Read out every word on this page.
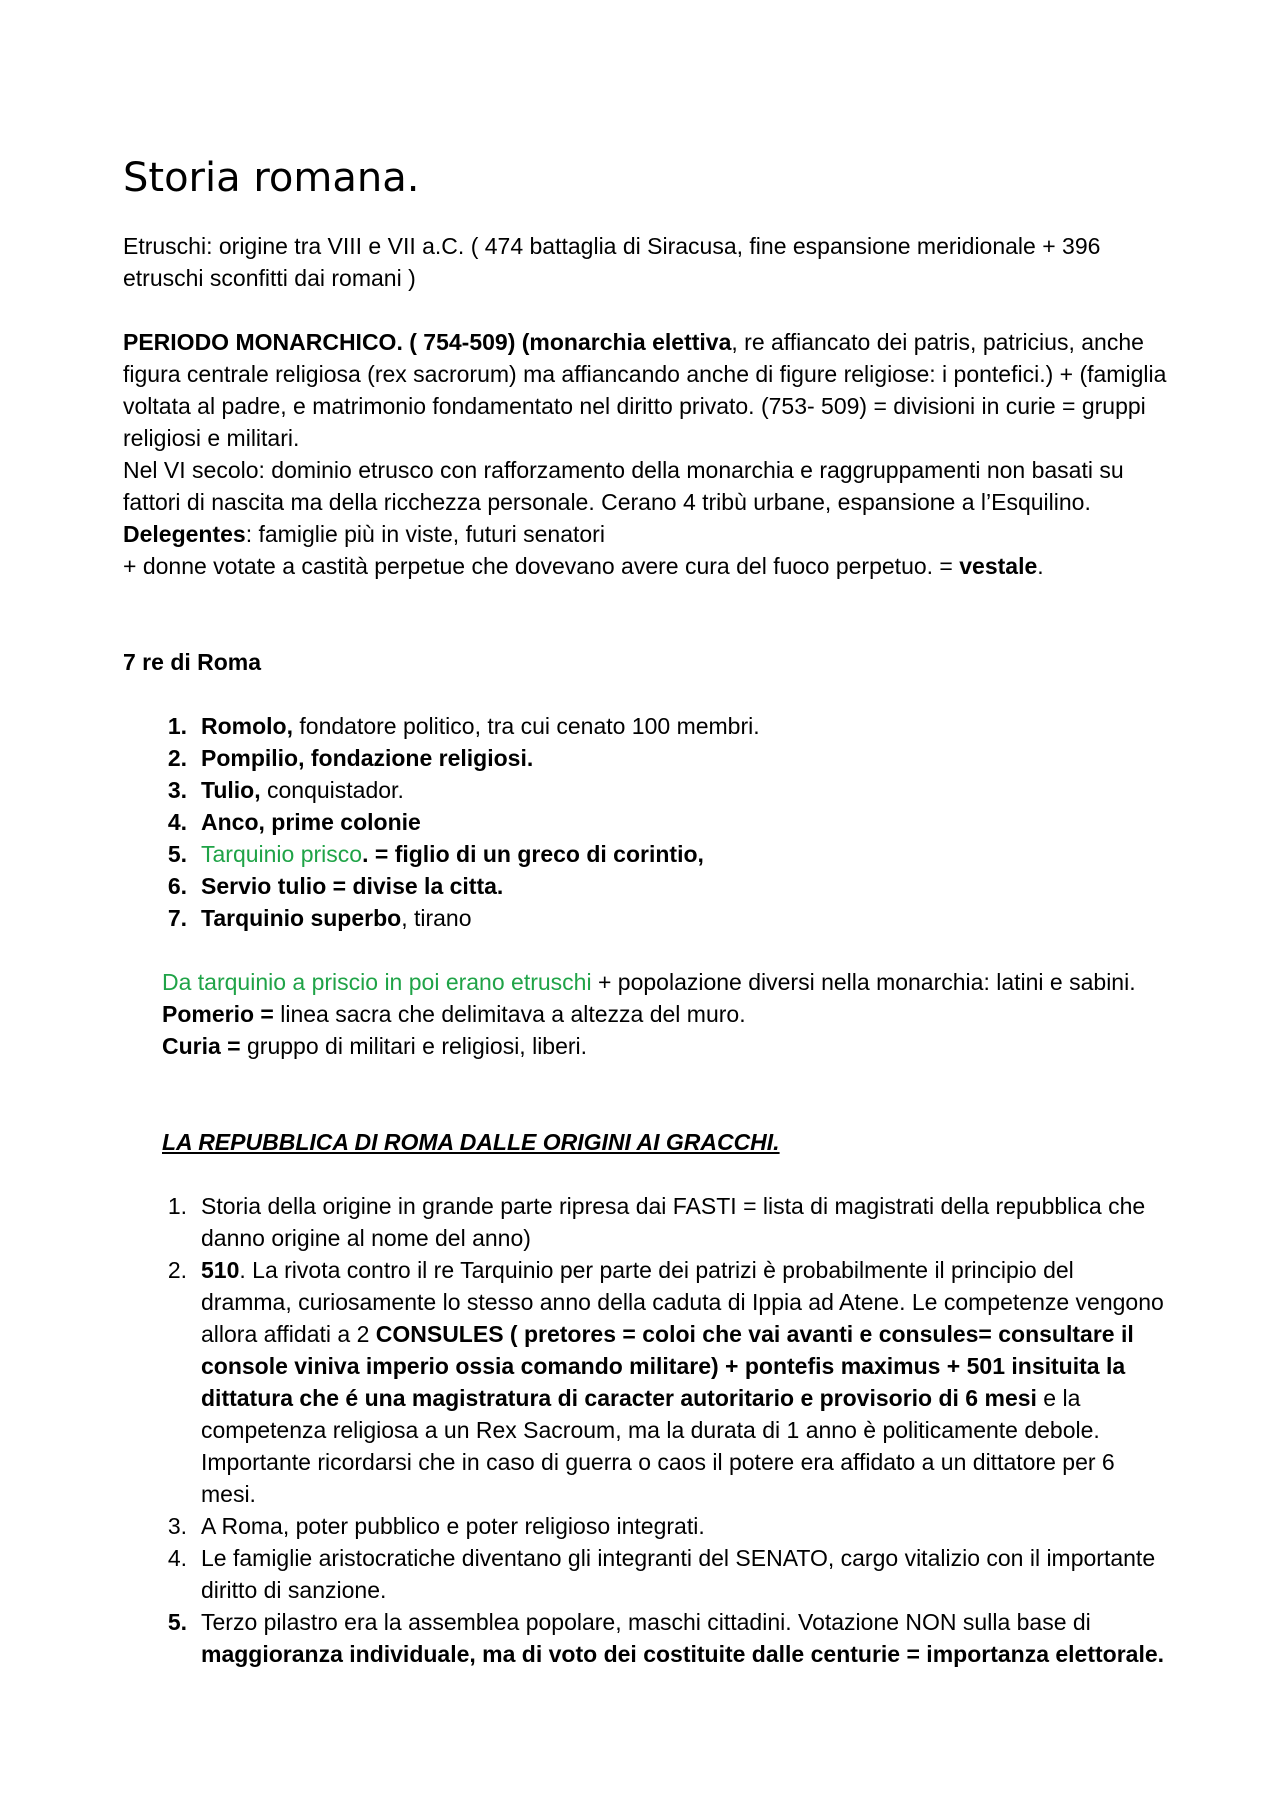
Storia romana.

Etruschi: origine tra VIII e VII a.C. ( 474 battaglia di Siracusa, fine espansione meridionale + 396 etruschi sconfitti dai romani )

PERIODO MONARCHICO. ( 754-509) (monarchia elettiva, re affiancato dei patris, patricius, anche figura centrale religiosa (rex sacrorum) ma affiancando anche di figure religiose: i pontefici.) + (famiglia voltata al padre, e matrimonio fondamentato nel diritto privato. (753- 509) = divisioni in curie = gruppi religiosi e militari.

Nel VI secolo: dominio etrusco con rafforzamento della monarchia e raggruppamenti non basati su fattori di nascita ma della ricchezza personale. Cerano 4 tribù urbane, espansione a l’Esquilino.

Delegentes: famiglie più in viste, futuri senatori

+ donne votate a castità perpetue che dovevano avere cura del fuoco perpetuo. = vestale.

7 re di Roma

1. Romolo, fondatore politico, tra cui cenato 100 membri.
2. Pompilio, fondazione religiosi.
3. Tulio, conquistador.
4. Anco, prime colonie
5. Tarquinio prisco. = figlio di un greco di corintio,
6. Servio tulio = divise la citta.
7. Tarquinio superbo, tirano

Da tarquinio a priscio in poi erano etruschi + popolazione diversi nella monarchia: latini e sabini.

Pomerio = linea sacra che delimitava a altezza del muro.

Curia = gruppo di militari e religiosi, liberi.

LA REPUBBLICA DI ROMA DALLE ORIGINI AI GRACCHI.

1. Storia della origine in grande parte ripresa dai FASTI = lista di magistrati della repubblica che danno origine al nome del anno)
2. 510. La rivota contro il re Tarquinio per parte dei patrizi è probabilmente il principio del dramma, curiosamente lo stesso anno della caduta di Ippia ad Atene. Le competenze vengono allora affidati a 2 CONSULES ( pretores = coloi che vai avanti e consules= consultare il console viniva imperio ossia comando militare) + pontefis maximus + 501 insituita la dittatura che é una magistratura di caracter autoritario e provisorio di 6 mesi e la competenza religiosa a un Rex Sacroum, ma la durata di 1 anno è politicamente debole. Importante ricordarsi che in caso di guerra o caos il potere era affidato a un dittatore per 6 mesi.
3. A Roma, poter pubblico e poter religioso integrati.
4. Le famiglie aristocratiche diventano gli integranti del SENATO, cargo vitalizio con il importante diritto di sanzione.
5. Terzo pilastro era la assemblea popolare, maschi cittadini. Votazione NON sulla base di maggioranza individuale, ma di voto dei costituite dalle centurie = importanza elettorale.
